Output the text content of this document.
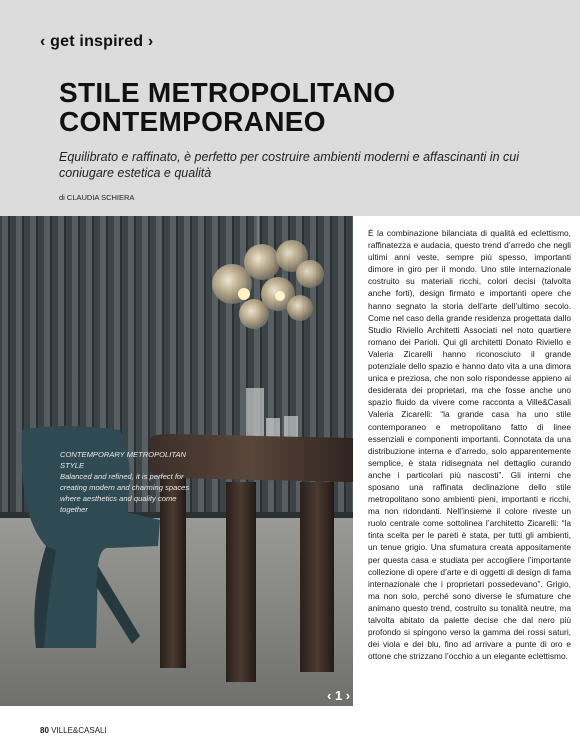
‹ get inspired ›
STILE METROPOLITANO CONTEMPORANEO
Equilibrato e raffinato, è perfetto per costruire ambienti moderni e affascinanti in cui coniugare estetica e qualità
di CLAUDIA SCHIERA
CONTEMPORARY METROPOLITAN STYLE
Balanced and refined, it is perfect for creating modern and charming spaces where aesthetics and quality come together
‹ 1 ›
È la combinazione bilanciata di qualità ed eclettismo, raffinatezza e audacia, questo trend d’arredo che negli ultimi anni veste, sempre più spesso, importanti dimore in giro per il mondo. Uno stile internazionale costruito su materiali ricchi, colori decisi (talvolta anche forti), design firmato e importanti opere che hanno segnato la storia dell’arte dell’ultimo secolo. Come nel caso della grande residenza progettata dallo Studio Riviello Architetti Associati nel noto quartiere romano dei Parioli. Qui gli architetti Donato Riviello e Valeria Zicarelli hanno riconosciuto il grande potenziale dello spazio e hanno dato vita a una dimora unica e preziosa, che non solo rispondesse appieno ai desiderata dei proprietari, ma che fosse anche uno spazio fluido da vivere come racconta a Ville&Casali Valeria Zicarelli: “la grande casa ha uno stile contemporaneo e metropolitano fatto di linee essenziali e componenti importanti. Connotata da una distribuzione interna e d’arredo, solo apparentemente semplice, è stata ridisegnata nel dettaglio curando anche i particolari più nascosti”. Gli interni che sposano una raffinata declinazione dello stile metropolitano sono ambienti pieni, importanti e ricchi, ma non ridondanti. Nell’insieme il colore riveste un ruolo centrale come sottolinea l’architetto Zicarelli: “la tinta scelta per le pareti è stata, per tutti gli ambienti, un tenue grigio. Una sfumatura creata appositamente per questa casa e studiata per accogliere l’importante collezione di opere d’arte e di oggetti di design di fama internazionale che i proprietari possedevano”. Grigio, ma non solo, perché sono diverse le sfumature che animano questo trend, costruito su tonalità neutre, ma talvolta abitato da palette decise che dal nero più profondo si spingono verso la gamma dei rossi saturi, dei viola e dei blu, fino ad arrivare a punte di oro e ottone che strizzano l’occhio a un elegante eclettismo.
80 VILLE&CASALI
